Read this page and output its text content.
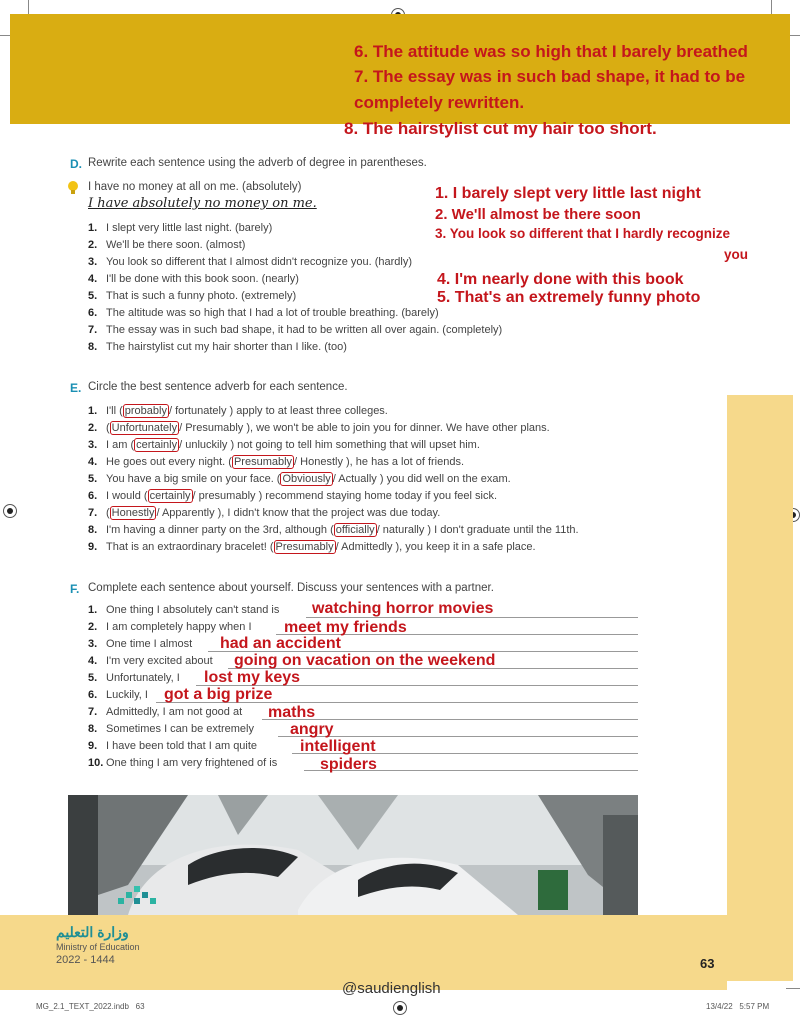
6. The attitude was so high that I barely breathed
7. The essay was in such bad shape, it had to be
completely rewritten.
8. The hairstylist cut my hair too short.
D. Rewrite each sentence using the adverb of degree in parentheses.
I have no money at all on me. (absolutely)
I have absolutely no money on me.
1. I slept very little last night. (barely)
2. We'll be there soon. (almost)
3. You look so different that I almost didn't recognize you. (hardly)
4. I'll be done with this book soon. (nearly)
5. That is such a funny photo. (extremely)
6. The altitude was so high that I had a lot of trouble breathing. (barely)
7. The essay was in such bad shape, it had to be written all over again. (completely)
8. The hairstylist cut my hair shorter than I like. (too)
1. I barely slept very little last night
2. We'll almost be there soon
3. You look so different that I hardly recognize
you
4. I'm nearly done with this book
5. That's an extremely funny photo
E. Circle the best sentence adverb for each sentence.
1. I'll ( probably / fortunately ) apply to at least three colleges.
2. ( Unfortunately / Presumably ), we won't be able to join you for dinner. We have other plans.
3. I am ( certainly / unluckily ) not going to tell him something that will upset him.
4. He goes out every night. ( Presumably / Honestly ), he has a lot of friends.
5. You have a big smile on your face. ( Obviously / Actually ) you did well on the exam.
6. I would ( certainly / presumably ) recommend staying home today if you feel sick.
7. ( Honestly / Apparently ), I didn't know that the project was due today.
8. I'm having a dinner party on the 3rd, although ( officially / naturally ) I don't graduate until the 11th.
9. That is an extraordinary bracelet! ( Presumably / Admittedly ), you keep it in a safe place.
F. Complete each sentence about yourself. Discuss your sentences with a partner.
1. One thing I absolutely can't stand is watching horror movies
2. I am completely happy when I meet my friends
3. One time I almost had an accident
4. I'm very excited about going on vacation on the weekend
5. Unfortunately, I lost my keys
6. Luckily, I got a big prize
7. Admittedly, I am not good at maths
8. Sometimes I can be extremely angry
9. I have been told that I am quite	intelligent
10. One thing I am very frightened of is	spiders
وزارة التعليم
Ministry of Education
2022 - 1444	63
@saudienglish
MG_2.1_TEXT_2022.indb   63	13/4/22   5:57 PM
